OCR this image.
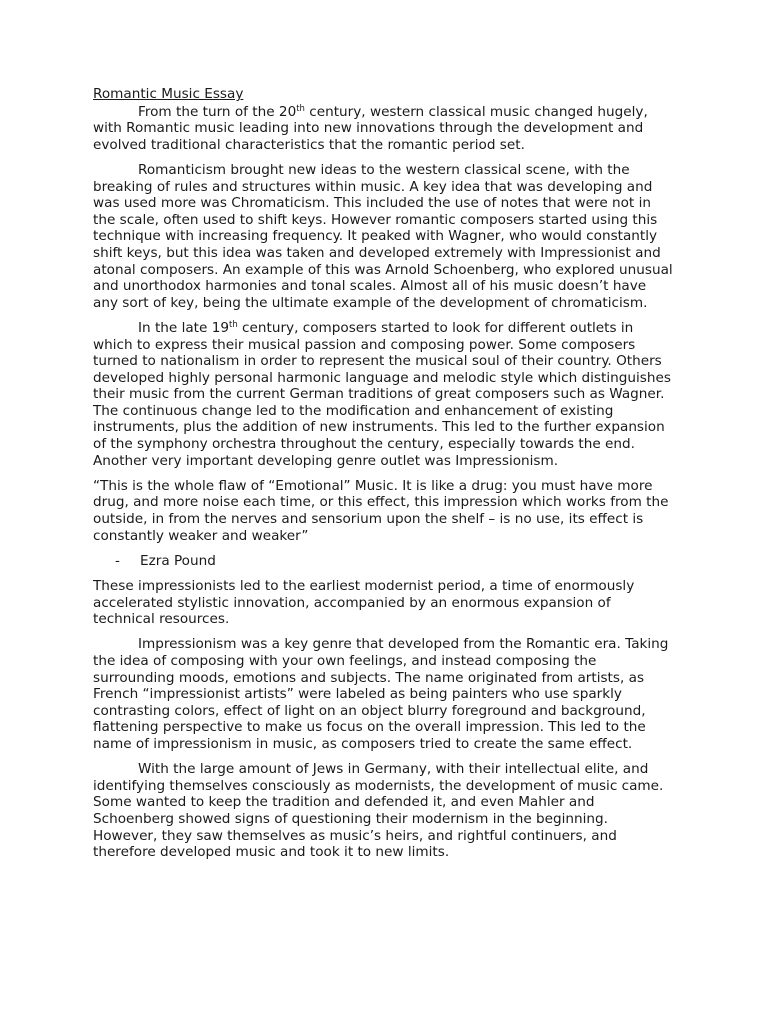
Romantic Music Essay

From the turn of the 20th century, western classical music changed hugely, with Romantic music leading into new innovations through the development and evolved traditional characteristics that the romantic period set.

Romanticism brought new ideas to the western classical scene, with the breaking of rules and structures within music. A key idea that was developing and was used more was Chromaticism. This included the use of notes that were not in the scale, often used to shift keys. However romantic composers started using this technique with increasing frequency. It peaked with Wagner, who would constantly shift keys, but this idea was taken and developed extremely with Impressionist and atonal composers. An example of this was Arnold Schoenberg, who explored unusual and unorthodox harmonies and tonal scales. Almost all of his music doesn’t have any sort of key, being the ultimate example of the development of chromaticism.

In the late 19th century, composers started to look for different outlets in which to express their musical passion and composing power. Some composers turned to nationalism in order to represent the musical soul of their country. Others developed highly personal harmonic language and melodic style which distinguishes their music from the current German traditions of great composers such as Wagner. The continuous change led to the modification and enhancement of existing instruments, plus the addition of new instruments. This led to the further expansion of the symphony orchestra throughout the century, especially towards the end. Another very important developing genre outlet was Impressionism.

“This is the whole flaw of “Emotional” Music. It is like a drug: you must have more drug, and more noise each time, or this effect, this impression which works from the outside, in from the nerves and sensorium upon the shelf – is no use, its effect is constantly weaker and weaker”

-	Ezra Pound

These impressionists led to the earliest modernist period, a time of enormously accelerated stylistic innovation, accompanied by an enormous expansion of technical resources.

Impressionism was a key genre that developed from the Romantic era. Taking the idea of composing with your own feelings, and instead composing the surrounding moods, emotions and subjects. The name originated from artists, as French “impressionist artists” were labeled as being painters who use sparkly contrasting colors, effect of light on an object blurry foreground and background, flattening perspective to make us focus on the overall impression. This led to the name of impressionism in music, as composers tried to create the same effect.

With the large amount of Jews in Germany, with their intellectual elite, and identifying themselves consciously as modernists, the development of music came. Some wanted to keep the tradition and defended it, and even Mahler and Schoenberg showed signs of questioning their modernism in the beginning. However, they saw themselves as music’s heirs, and rightful continuers, and therefore developed music and took it to new limits.
